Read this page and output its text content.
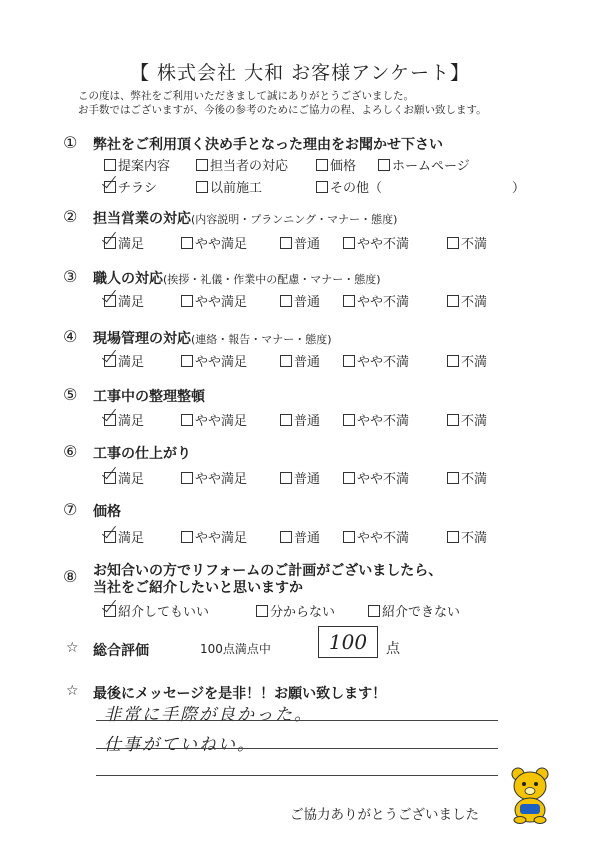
【 株式会社 大和 お客様アンケート】
この度は、弊社をご利用いただきまして誠にありがとうございました。
お手数ではございますが、今後の参考のためにご協力の程、よろしくお願い致します。
① 弊社をご利用頂く決め手となった理由をお聞かせ下さい
提案内容	担当者の対応	価格	ホームページ
チラシ	以前施工	その他（	）
② 担当営業の対応(内容説明・プランニング・マナー・態度)
満足	やや満足	普通	やや不満	不満
③ 職人の対応(挨拶・礼儀・作業中の配慮・マナー・態度)
満足	やや満足	普通	やや不満	不満
④ 現場管理の対応(連絡・報告・マナー・態度)
満足	やや満足	普通	やや不満	不満
⑤ 工事中の整理整頓
満足	やや満足	普通	やや不満	不満
⑥ 工事の仕上がり
満足	やや満足	普通	やや不満	不満
⑦ 価格
満足	やや満足	普通	やや不満	不満
⑧ お知合いの方でリフォームのご計画がございましたら、
当社をご紹介したいと思いますか
紹介してもいい	分からない	紹介できない
☆ 総合評価	100点満点中	100	点
☆ 最後にメッセージを是非！！お願い致します！
非常に手際が良かった。
仕事がていねい。
ご協力ありがとうございました
